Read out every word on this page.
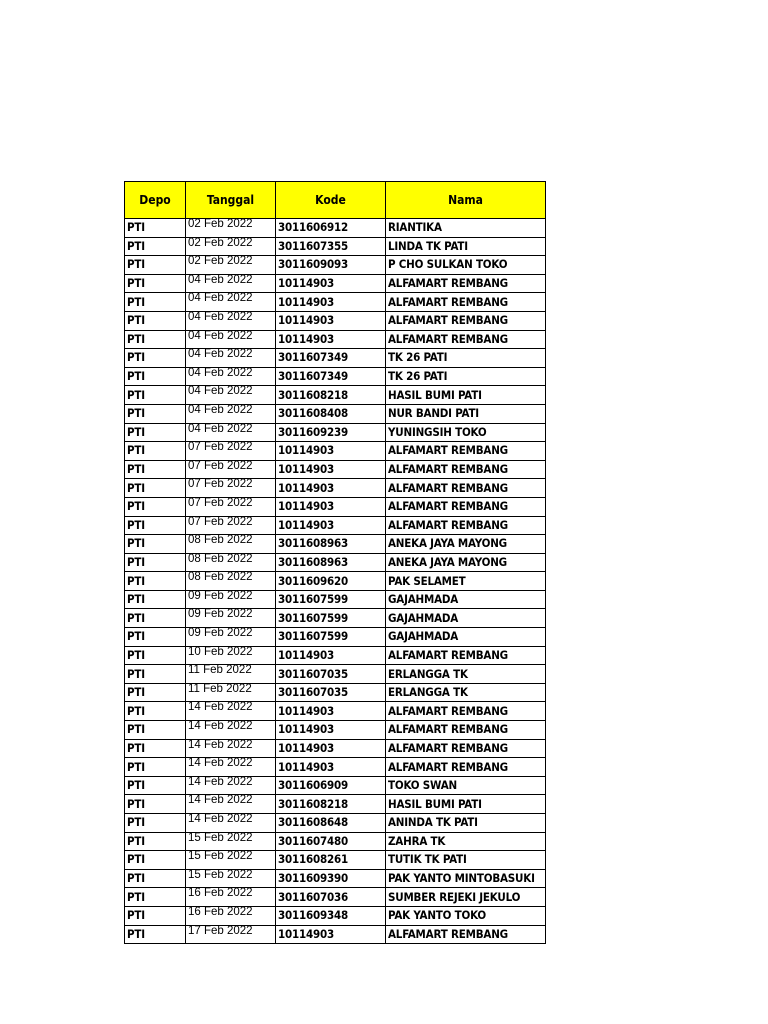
Depo	Tanggal	Kode	Nama
PTI	02 Feb 2022	3011606912	RIANTIKA
PTI	02 Feb 2022	3011607355	LINDA TK PATI
PTI	02 Feb 2022	3011609093	P CHO SULKAN TOKO
PTI	04 Feb 2022	10114903	ALFAMART REMBANG
PTI	04 Feb 2022	10114903	ALFAMART REMBANG
PTI	04 Feb 2022	10114903	ALFAMART REMBANG
PTI	04 Feb 2022	10114903	ALFAMART REMBANG
PTI	04 Feb 2022	3011607349	TK 26 PATI
PTI	04 Feb 2022	3011607349	TK 26 PATI
PTI	04 Feb 2022	3011608218	HASIL BUMI PATI
PTI	04 Feb 2022	3011608408	NUR BANDI PATI
PTI	04 Feb 2022	3011609239	YUNINGSIH TOKO
PTI	07 Feb 2022	10114903	ALFAMART REMBANG
PTI	07 Feb 2022	10114903	ALFAMART REMBANG
PTI	07 Feb 2022	10114903	ALFAMART REMBANG
PTI	07 Feb 2022	10114903	ALFAMART REMBANG
PTI	07 Feb 2022	10114903	ALFAMART REMBANG
PTI	08 Feb 2022	3011608963	ANEKA JAYA MAYONG
PTI	08 Feb 2022	3011608963	ANEKA JAYA MAYONG
PTI	08 Feb 2022	3011609620	PAK SELAMET
PTI	09 Feb 2022	3011607599	GAJAHMADA
PTI	09 Feb 2022	3011607599	GAJAHMADA
PTI	09 Feb 2022	3011607599	GAJAHMADA
PTI	10 Feb 2022	10114903	ALFAMART REMBANG
PTI	11 Feb 2022	3011607035	ERLANGGA TK
PTI	11 Feb 2022	3011607035	ERLANGGA TK
PTI	14 Feb 2022	10114903	ALFAMART REMBANG
PTI	14 Feb 2022	10114903	ALFAMART REMBANG
PTI	14 Feb 2022	10114903	ALFAMART REMBANG
PTI	14 Feb 2022	10114903	ALFAMART REMBANG
PTI	14 Feb 2022	3011606909	TOKO SWAN
PTI	14 Feb 2022	3011608218	HASIL BUMI PATI
PTI	14 Feb 2022	3011608648	ANINDA TK PATI
PTI	15 Feb 2022	3011607480	ZAHRA TK
PTI	15 Feb 2022	3011608261	TUTIK TK PATI
PTI	15 Feb 2022	3011609390	PAK YANTO MINTOBASUKI
PTI	16 Feb 2022	3011607036	SUMBER REJEKI JEKULO
PTI	16 Feb 2022	3011609348	PAK YANTO TOKO
PTI	17 Feb 2022	10114903	ALFAMART REMBANG
